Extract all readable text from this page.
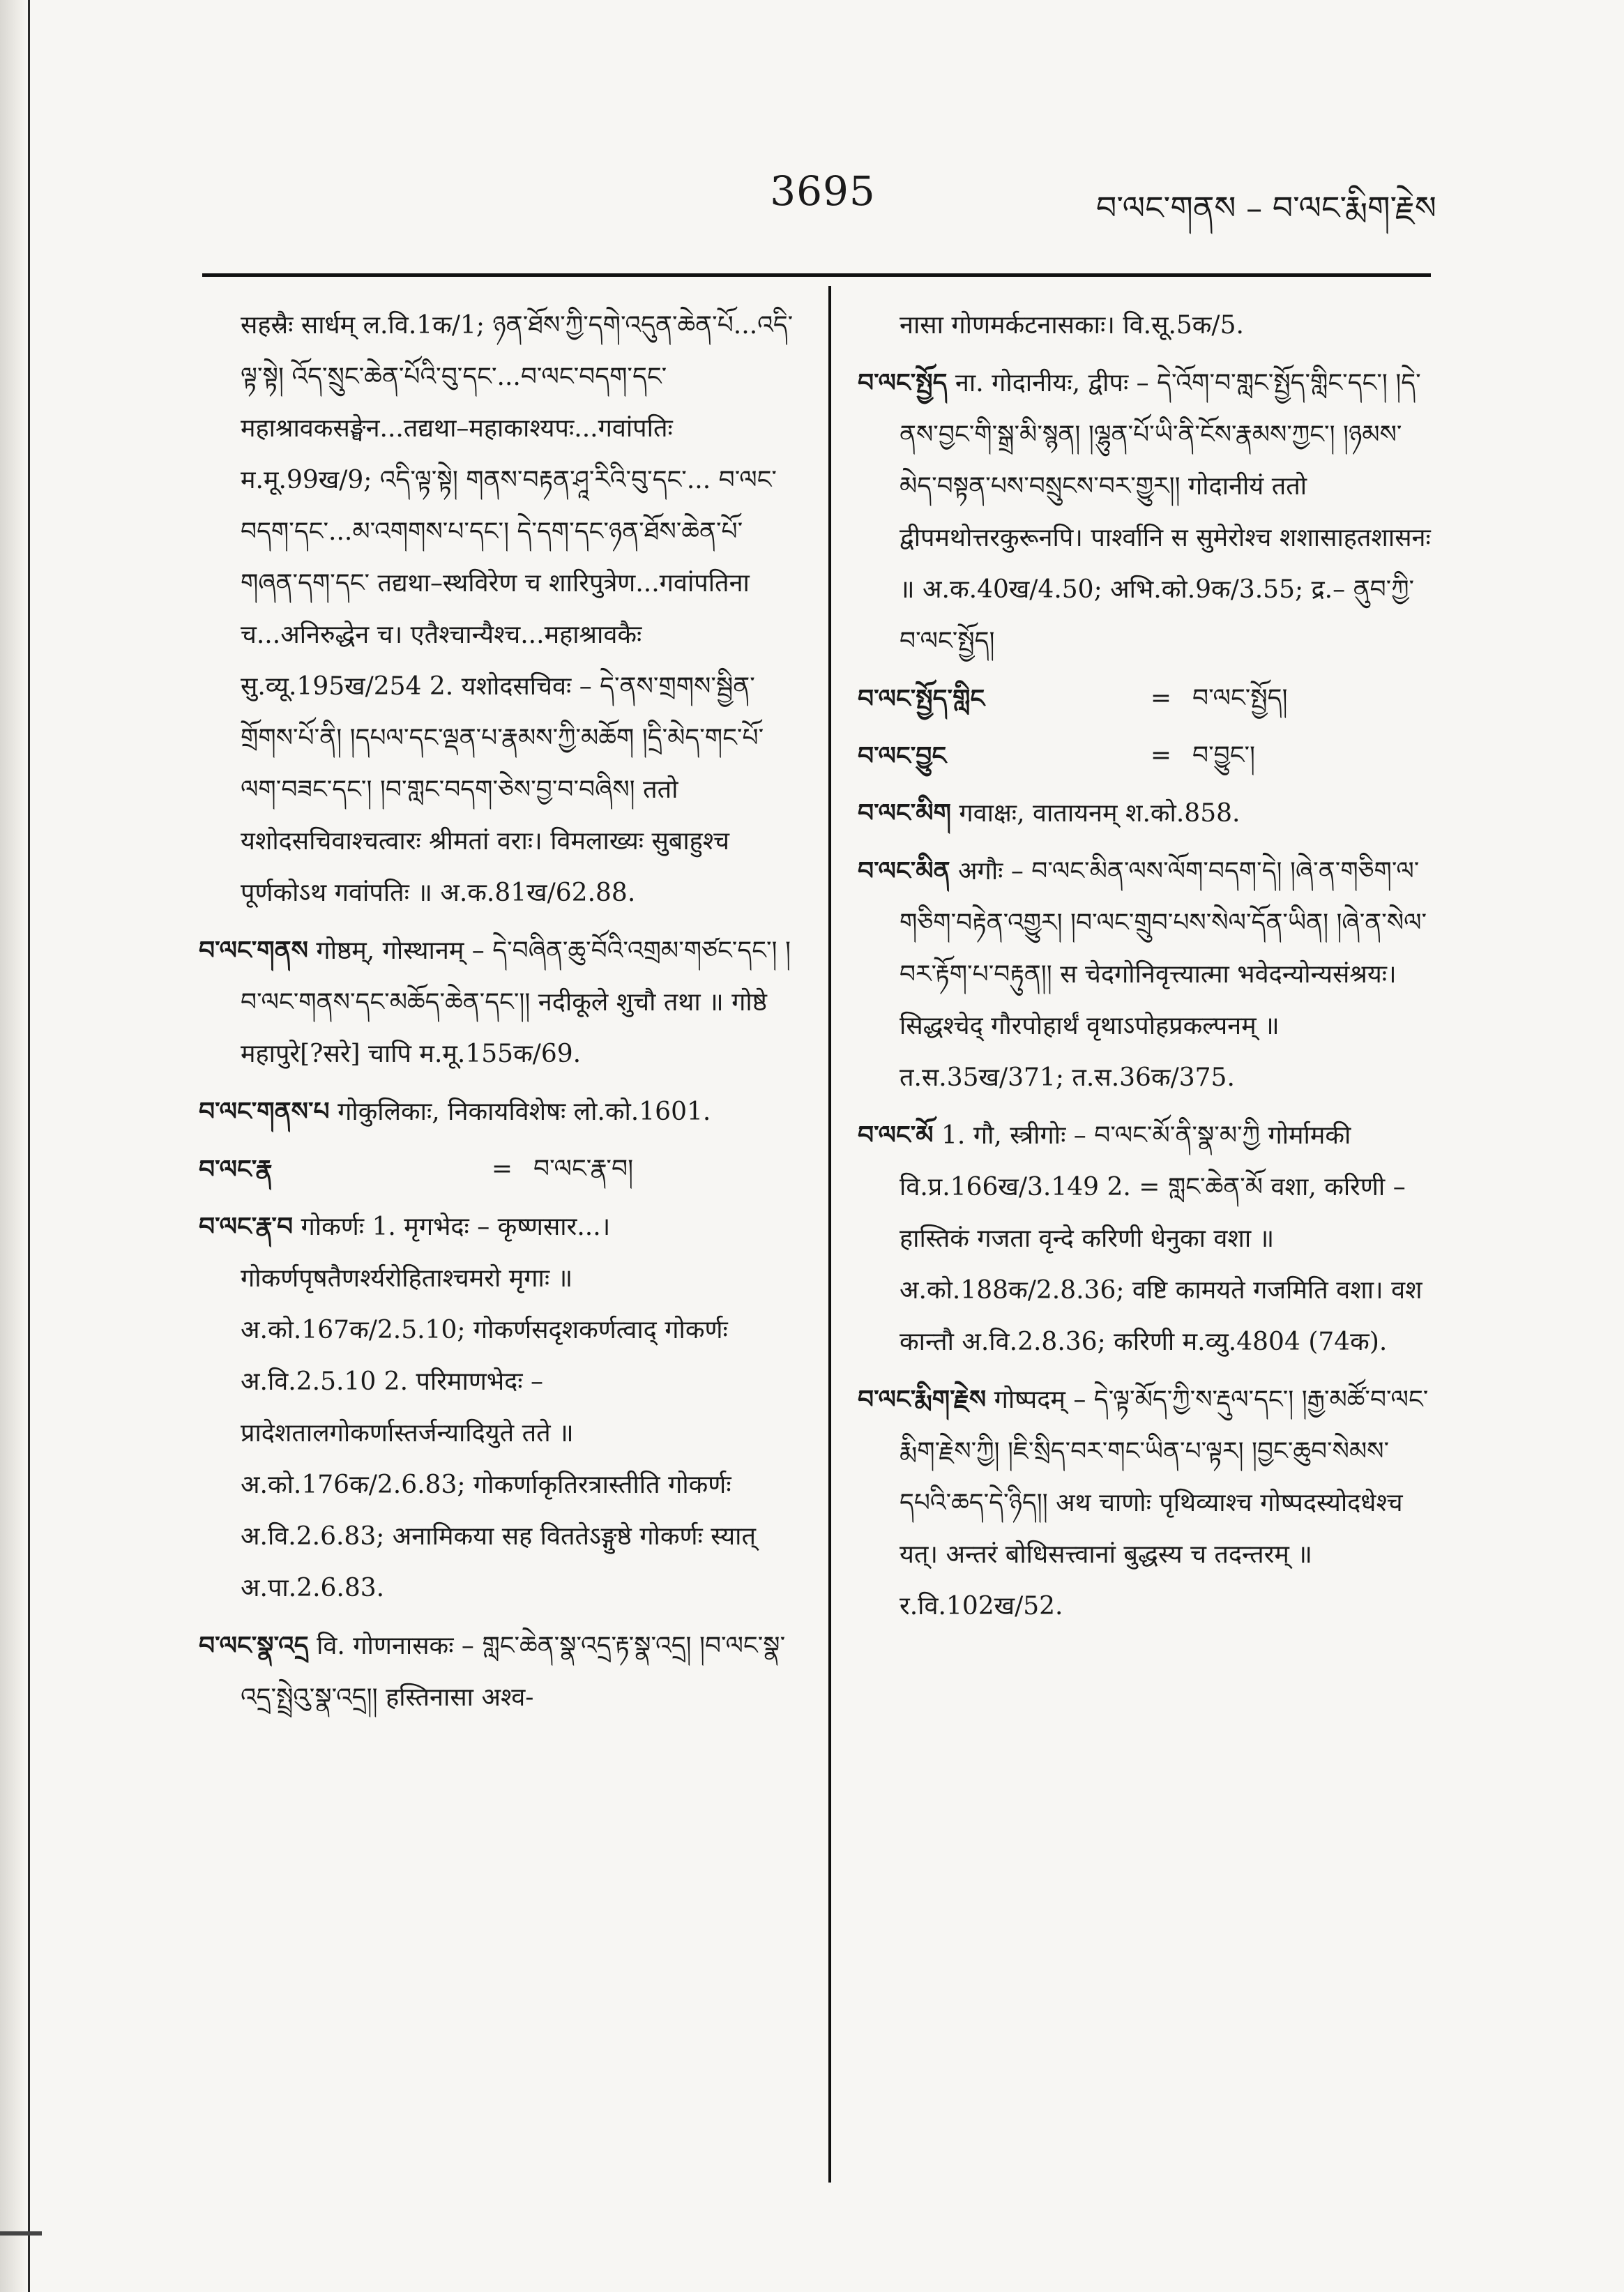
3695	བ་ལང་གནས – བ་ལང་རྨིག་རྗེས

सहस्रैः सार्धम् ल.वि.1क/1; ཉན་ཐོས་ཀྱི་དགེ་འདུན་ཆེན་པོ...འདི་ལྟ་སྟེ། འོད་སྲུང་ཆེན་པོའི་བུ་དང་...བ་ལང་བདག་དང་ महाश्रावकसङ्घेन...तद्यथा–महाकाश्यपः...गवांपतिः म.मू.99ख/9; འདི་ལྟ་སྟེ། གནས་བརྟན་ཤཱ་རིའི་བུ་དང་... བ་ལང་བདག་དང་...མ་འགགས་པ་དང་། དེ་དག་དང་ཉན་ཐོས་ཆེན་པོ་གཞན་དག་དང་ तद्यथा–स्थविरेण च शारिपुत्रेण...गवांपतिना च...अनिरुद्धेन च। एतैश्चान्यैश्च...महाश्रावकैः सु.व्यू.195ख/254 2. यशोदसचिवः – དེ་ནས་གྲགས་སྦྱིན་གྲོགས་པོ་ནི། །དཔལ་དང་ལྡན་པ་རྣམས་ཀྱི་མཆོག །དྲི་མེད་གང་པོ་ལག་བཟང་དང་། །བ་གླང་བདག་ཅེས་བྱ་བ་བཞིས། ततो यशोदसचिवाश्चत्वारः श्रीमतां वराः। विमलाख्यः सुबाहुश्च पूर्णकोऽथ गवांपतिः ॥ अ.क.81ख/62.88.

བ་ལང་གནས गोष्ठम्, गोस्थानम् – དེ་བཞིན་ཆུ་བོའི་འགྲམ་གཙང་དང་། །བ་ལང་གནས་དང་མཆོད་ཆེན་དང་།། नदीकूले शुचौ तथा ॥ गोष्ठे महापुरे[?सरे] चापि म.मू.155क/69.

བ་ལང་གནས་པ गोकुलिकाः, निकायविशेषः लो.को.1601.

བ་ལང་རྣ	= བ་ལང་རྣ་བ།

བ་ལང་རྣ་བ गोकर्णः 1. मृगभेदः – कृष्णसार...। गोकर्णपृषतैणर्श्यरोहिताश्चमरो मृगाः ॥ अ.को.167क/2.5.10; गोकर्णसदृशकर्णत्वाद् गोकर्णः अ.वि.2.5.10 2. परिमाणभेदः – प्रादेशतालगोकर्णास्तर्जन्यादियुते तते ॥ अ.को.176क/2.6.83; गोकर्णाकृतिरत्रास्तीति गोकर्णः अ.वि.2.6.83; अनामिकया सह विततेऽङ्गुष्ठे गोकर्णः स्यात् अ.पा.2.6.83.

བ་ལང་སྣ་འདྲ वि. गोणनासकः – གླང་ཆེན་སྣ་འདྲ་རྟ་སྣ་འདྲ། །བ་ལང་སྣ་འདྲ་སྤྲེའུ་སྣ་འདྲ།། हस्तिनासा अश्व-

नासा गोणमर्कटनासकाः। वि.सू.5क/5.

བ་ལང་སྤྱོད ना. गोदानीयः, द्वीपः – དེ་འོག་བ་གླང་སྤྱོད་གླིང་དང་། །དེ་ནས་བྱང་གི་སྒྲ་མི་སྙན། །ལྷུན་པོ་ཡི་ནི་ངོས་རྣམས་ཀྱང་། །ཉམས་མེད་བསྟན་པས་བསྲུངས་བར་གྱུར།། गोदानीयं ततो द्वीपमथोत्तरकुरूनपि। पार्श्वानि स सुमेरोश्च शशासाहतशासनः ॥ अ.क.40ख/4.50; अभि.को.9क/3.55; द्र.– ནུབ་ཀྱི་བ་ལང་སྤྱོད།

བ་ལང་སྤྱོད་གླིང	= བ་ལང་སྤྱོད།
བ་ལང་བྱུང	= བ་བྱུང་།

བ་ལང་མིག गवाक्षः, वातायनम् श.को.858.

བ་ལང་མིན अगौः – བ་ལང་མིན་ལས་ལོག་བདག་དེ། །ཞེ་ན་གཅིག་ལ་གཅིག་བརྟེན་འགྱུར། །བ་ལང་གྲུབ་པས་སེལ་དོན་ཡིན། །ཞེ་ན་སེལ་བར་རྟོག་པ་བརྟུན།། स चेदगोनिवृत्त्यात्मा भवेदन्योन्यसंश्रयः। सिद्धश्चेद् गौरपोहार्थं वृथाऽपोहप्रकल्पनम् ॥ त.स.35ख/371; त.स.36क/375.

བ་ལང་མོ 1. गौ, स्त्रीगोः – བ་ལང་མོ་ནི་སྣ་མ་ཀྱི गोर्मामकी वि.प्र.166ख/3.149 2. = གླང་ཆེན་མོ वशा, करिणी – हास्तिकं गजता वृन्दे करिणी धेनुका वशा ॥ अ.को.188क/2.8.36; वष्टि कामयते गजमिति वशा। वश कान्तौ अ.वि.2.8.36; करिणी म.व्यु.4804 (74क).

བ་ལང་རྨིག་རྗེས गोष्पदम् – དེ་ལྟ་མོད་ཀྱི་ས་རྡུལ་དང་། །རྒྱ་མཚོ་བ་ལང་རྨིག་རྗེས་ཀྱི། །ཇི་སྲིད་བར་གང་ཡིན་པ་ལྟར། །བྱང་ཆུབ་སེམས་དཔའི་ཆད་དེ་ཉིད།། अथ चाणोः पृथिव्याश्च गोष्पदस्योदधेश्च यत्। अन्तरं बोधिसत्त्वानां बुद्धस्य च तदन्तरम् ॥ र.वि.102ख/52.
